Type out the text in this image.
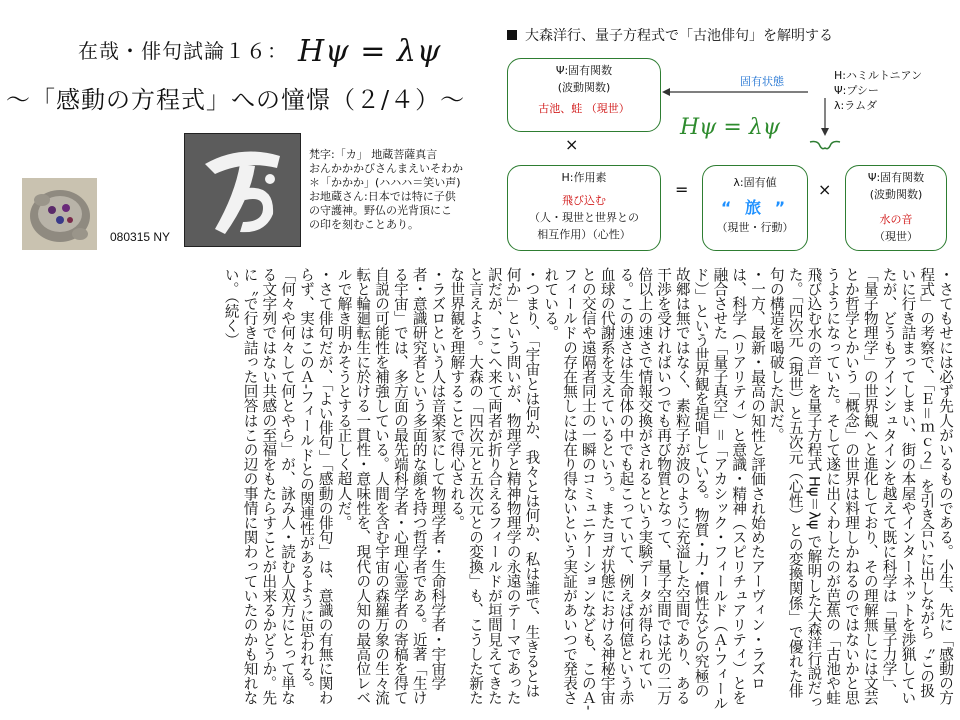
在哉・俳句試論１６： Hψ = λψ
～「感動の方程式」への憧憬（２/４）～
080315 NY
梵字:「カ」 地蔵菩薩真言
おんかかかびさんまえいそわか
＊「かかか」(ハハハ＝笑い声)
お地蔵さん:日本では特に子供
の守護神。野仏の光背頂にこ
の印を刻むことあり。
大森洋行、量子方程式で「古池俳句」を解明する
Ψ:固有関数
(波動関数)
古池、蛙 （現世）
固有状態	H:ハミルトニアン
Ψ:プシー
λ:ラムダ
Hψ = λψ
×
H:作用素
飛び込む
（人・現世と世界との
相互作用）（心性）
=	λ:固有値
“ 旅 ”
（現世・行動）
×
Ψ:固有関数
(波動関数)
水の音
（現世）
・さてもせには必ず先人がいるものである。小生、先に「感動の方程式」の考察で、「Ｅ＝ｍｃ２」を引き合いに出しながら〝この扱いに行き詰まってしまい、街の本屋やインターネットを渉猟していたが、どうもアインシュタインを越えて既に科学は「量子力学」、「量子物理学」の世界観へと進化しており、その理解無しには文芸とか哲学とかいう「概念」の世界は料理しかねるのではないかと思うようになっていた。そして遂に出くわしたのが芭蕉の「古池や蛙飛び込む水の音」を量子方程式 Hψ＝λψ で解明した大森洋行説だった。「四次元（現世）と五次元（心性）との変換関係」で優れた俳句の構造を喝破した訳だ。
・一方、最新・最高の知性と評価され始めたアーヴィン・ラズロは、科学（リアリティ）と意識・精神（スピリチュアリティ）とを融合させた「量子真空」＝「アカシック・フィールド（Ａ-フィールド）」という世界観を提唱している。物質・力・慣性などの究極の故郷は無ではなく、素粒子が波のように充溢した空間であり、ある干渉を受ければいつでも再び物質となって、量子空間では光の二万倍以上の速さで情報交換がされるという実験データが得られている。この速さは生命体の中でも起こっていて、例えば何億という赤血球の代謝系を支えているという。またヨガ状態における神秘宇宙との交信や遠隔者同士の一瞬のコミュニケーションなども、このＡ-フィールドの存在無しには在り得ないという実証があいつで発表されている。
・つまり、「宇宙とは何か、我々とは何か、私は誰で、生きるとは何か」という問いが、物理学と精神物理学の永遠のテーマであった訳だが、ここへ来て両者が折り合えるフィールドが垣間見えてきたと言えよう。大森の「四次元と五次元との変換」も、こうした新たな世界観を理解することで得心される。
・ラズロという人は音楽家にして物理学者・生命科学者・宇宙学者・意識研究者という多面的な顔を持つ哲学者である。近著「生ける宇宙」では、多方面の最先端科学者・心理心霊学者の寄稿を得て自説の可能性を補強している。人間を含む宇宙の森羅万象の生々流転と輪廻転生に於ける一貫性・意味性を、現代の人知の最高位レベルで解き明かそうとする正しく超人だ。
・さて俳句だが、「よい俳句」「感動の俳句」は、意識の有無に関わらず、実はこのＡ-フィールドとの関連性があるように思われる。「何々や何々して何とやら」が、詠み人・読む人双方にとって単なる文字列ではない共感の至福をもたらすことが出来るかどうか。先に〝で行き詰った回答はこの辺の事情に関わっていたのかも知れない。（続く）
